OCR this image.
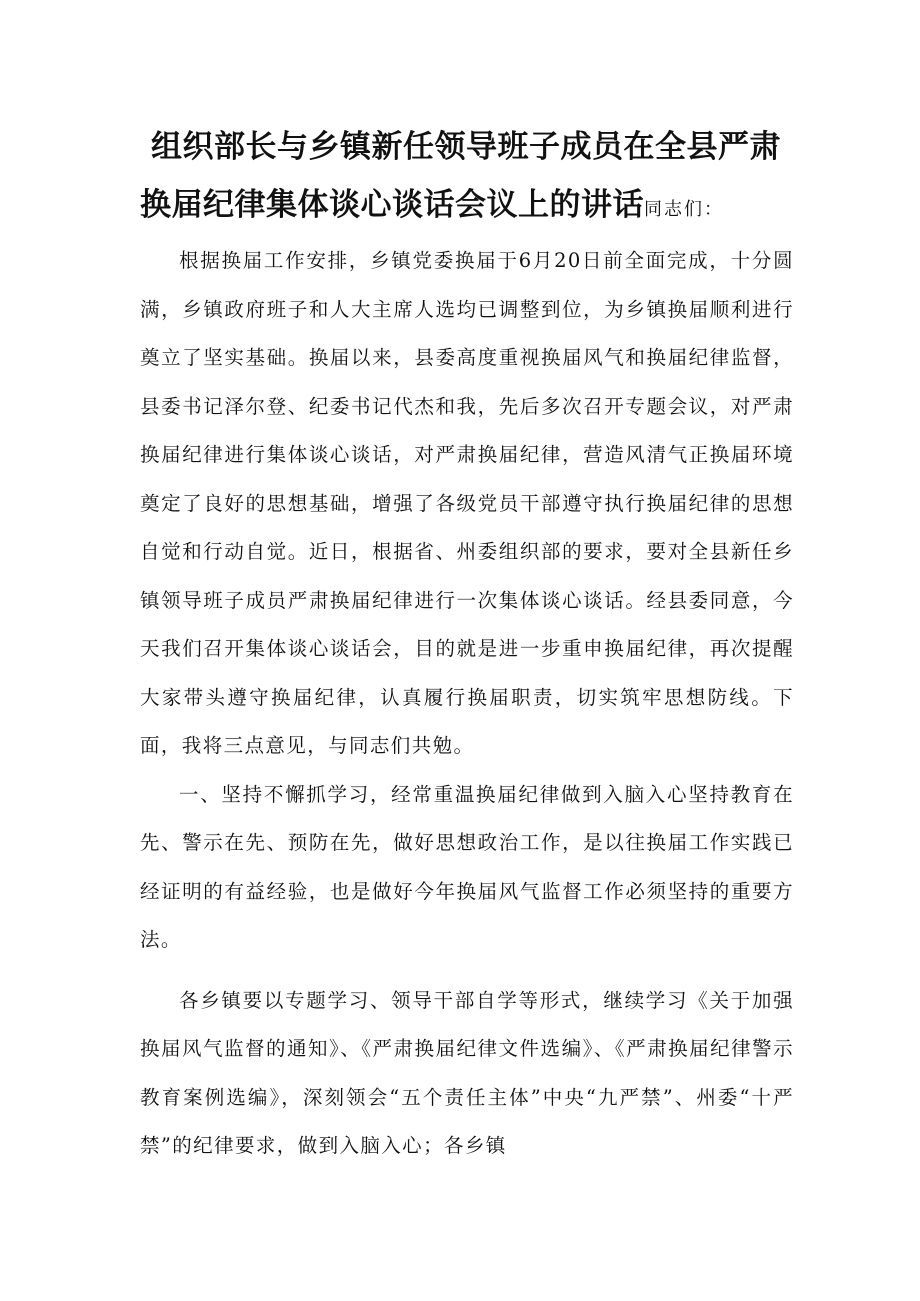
组织部长与乡镇新任领导班子成员在全县严肃换届纪律集体谈心谈话会议上的讲话同志们：

根据换届工作安排，乡镇党委换届于6月20日前全面完成，十分圆满，乡镇政府班子和人大主席人选均已调整到位，为乡镇换届顺利进行奠立了坚实基础。换届以来，县委高度重视换届风气和换届纪律监督，县委书记泽尔登、纪委书记代杰和我，先后多次召开专题会议，对严肃换届纪律进行集体谈心谈话，对严肃换届纪律，营造风清气正换届环境奠定了良好的思想基础，增强了各级党员干部遵守执行换届纪律的思想自觉和行动自觉。近日，根据省、州委组织部的要求，要对全县新任乡镇领导班子成员严肃换届纪律进行一次集体谈心谈话。经县委同意，今天我们召开集体谈心谈话会，目的就是进一步重申换届纪律，再次提醒大家带头遵守换届纪律，认真履行换届职责，切实筑牢思想防线。下面，我将三点意见，与同志们共勉。

一、坚持不懈抓学习，经常重温换届纪律做到入脑入心坚持教育在先、警示在先、预防在先，做好思想政治工作，是以往换届工作实践已经证明的有益经验，也是做好今年换届风气监督工作必须坚持的重要方法。

各乡镇要以专题学习、领导干部自学等形式，继续学习《关于加强换届风气监督的通知》、《严肃换届纪律文件选编》、《严肃换届纪律警示教育案例选编》，深刻领会“五个责任主体”中央“九严禁”、州委“十严禁”的纪律要求，做到入脑入心；各乡镇
